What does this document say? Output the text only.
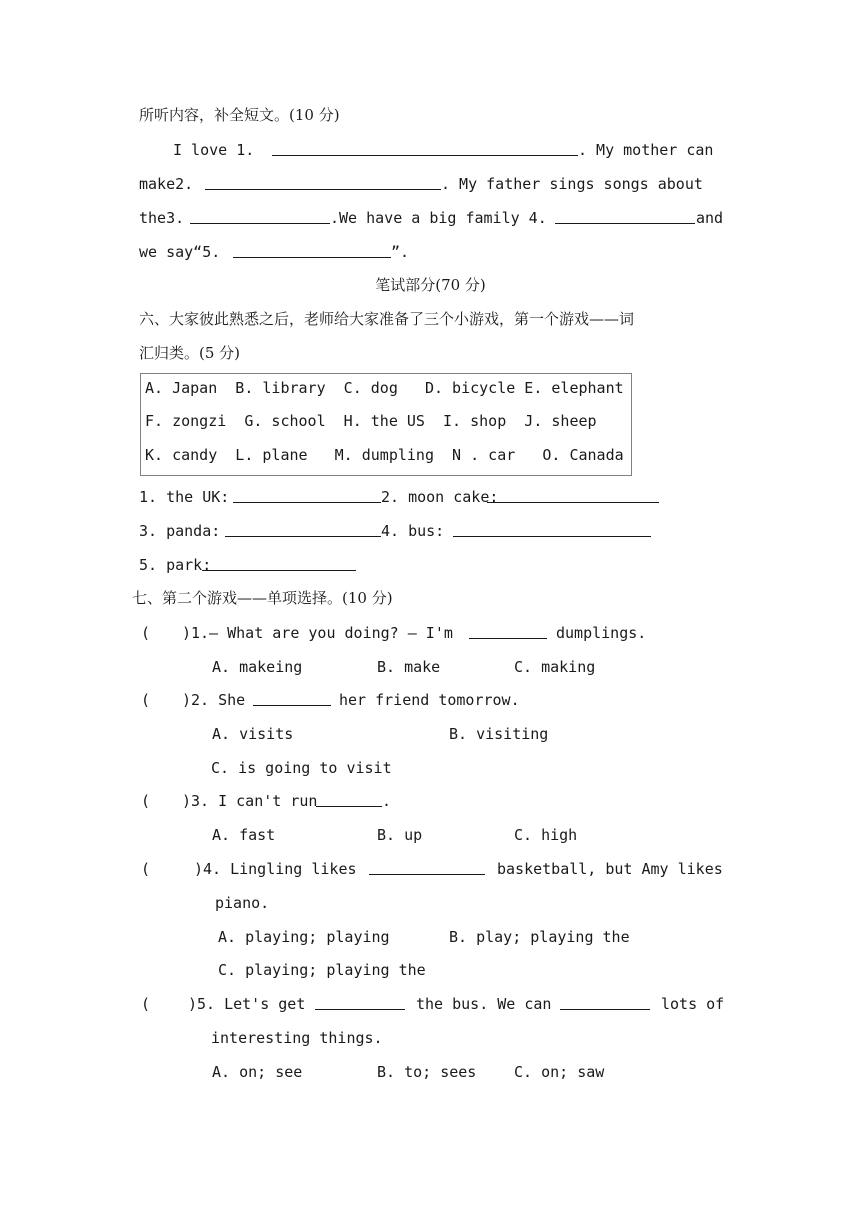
所听内容，补全短文。(10 分)
I love 1.	. My mother can
make2.	. My father sings songs about
the3.	.We have a big family 4.	and
we say“5.	”.
笔试部分(70 分)
六、大家彼此熟悉之后，老师给大家准备了三个小游戏，第一个游戏——词
汇归类。(5 分)
A. Japan  B. library  C. dog   D. bicycle E. elephant
F. zongzi  G. school  H. the US  I. shop  J. sheep
K. candy  L. plane   M. dumpling  N . car   O. Canada
1. the UK:	2. moon cake:
3. panda:	4. bus:
5. park:
七、第二个游戏——单项选择。(10 分)
( ) 1.— What are you doing? — I'm	dumplings.
A. makeing	B. make	C. making
( ) 2. She	her friend tomorrow.
A. visits	B. visiting
C. is going to visit
( ) 3. I can't run	.
A. fast	B. up	C. high
(	) 4. Lingling likes	basketball, but Amy likes
piano.
A. playing; playing	B. play; playing the
C. playing; playing the
(	) 5. Let's get	the bus. We can	lots of
interesting things.
A. on; see	B. to; sees	C. on; saw
